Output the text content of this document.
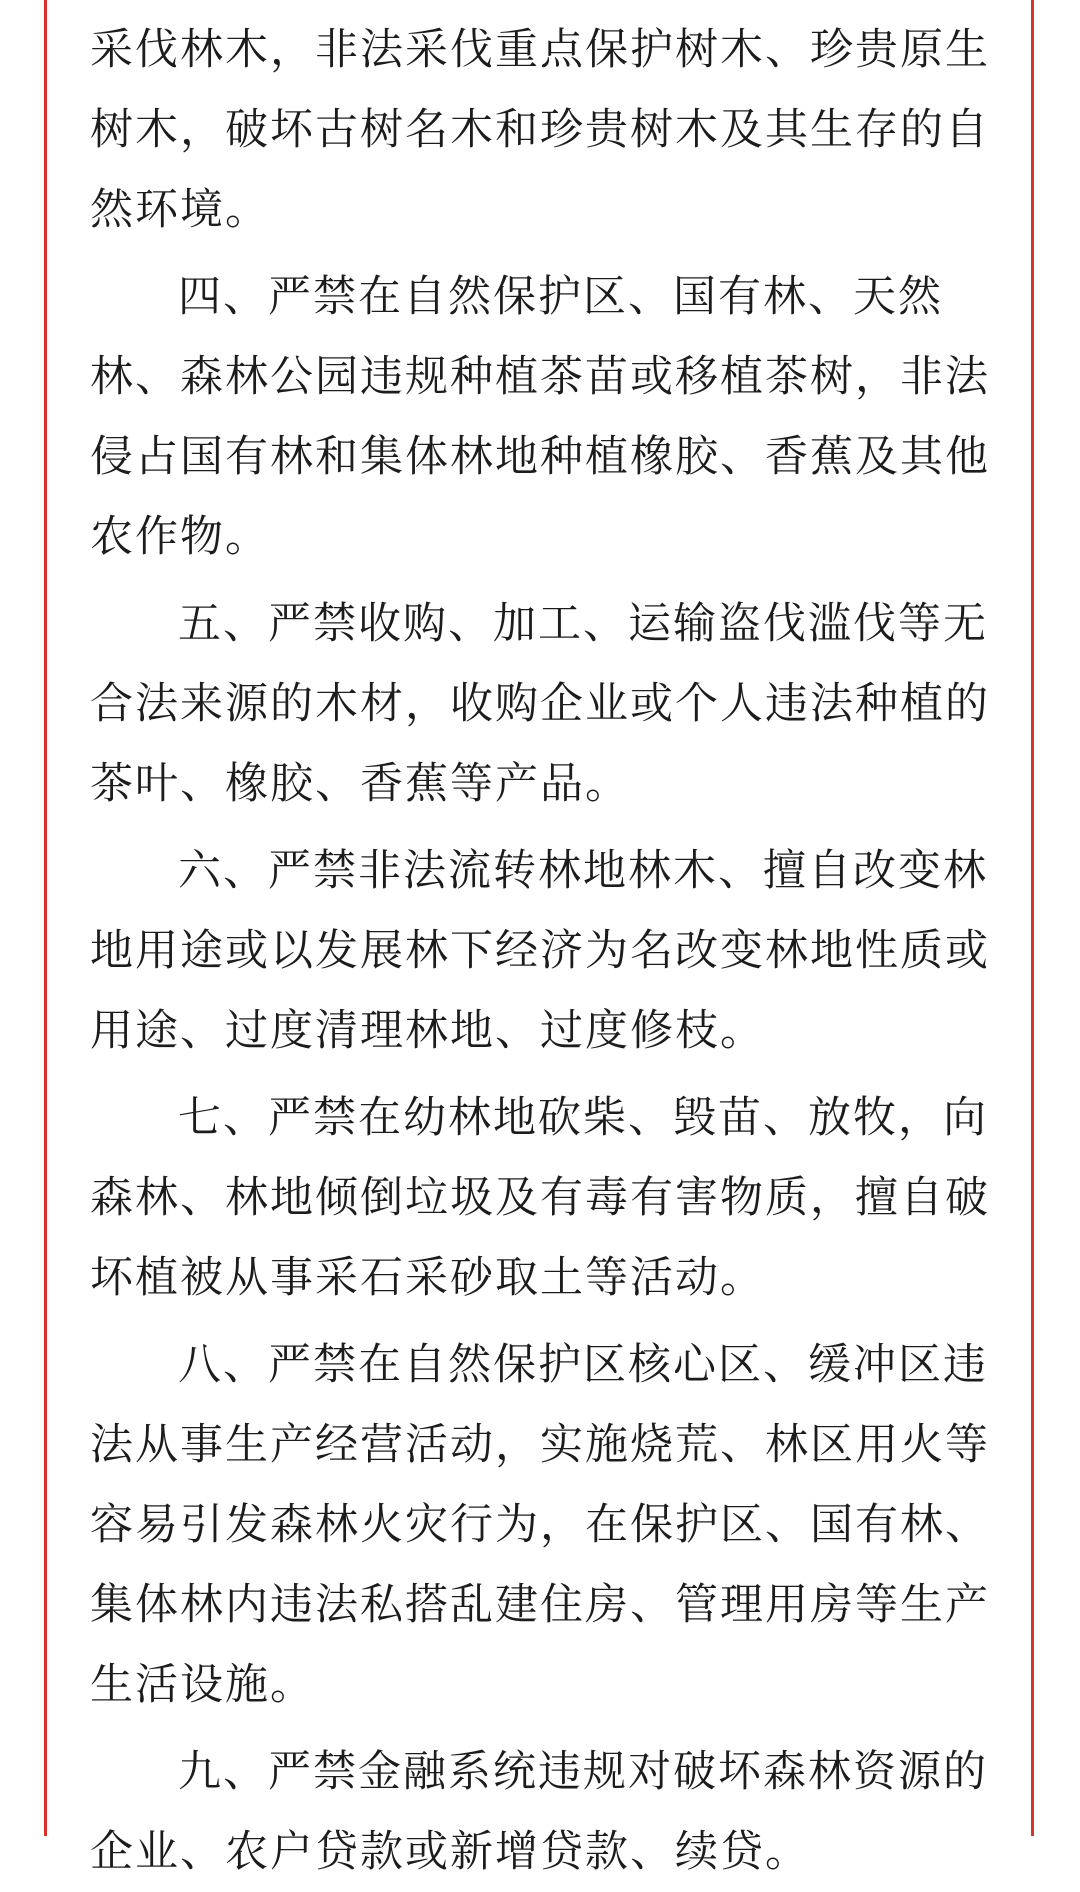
采伐林木，非法采伐重点保护树木、珍贵原生
树木，破坏古树名木和珍贵树木及其生存的自
然环境。
四、严禁在自然保护区、国有林、天然
林、森林公园违规种植茶苗或移植茶树，非法
侵占国有林和集体林地种植橡胶、香蕉及其他
农作物。
五、严禁收购、加工、运输盗伐滥伐等无
合法来源的木材，收购企业或个人违法种植的
茶叶、橡胶、香蕉等产品。
六、严禁非法流转林地林木、擅自改变林
地用途或以发展林下经济为名改变林地性质或
用途、过度清理林地、过度修枝。
七、严禁在幼林地砍柴、毁苗、放牧，向
森林、林地倾倒垃圾及有毒有害物质，擅自破
坏植被从事采石采砂取土等活动。
八、严禁在自然保护区核心区、缓冲区违
法从事生产经营活动，实施烧荒、林区用火等
容易引发森林火灾行为，在保护区、国有林、
集体林内违法私搭乱建住房、管理用房等生产
生活设施。
九、严禁金融系统违规对破坏森林资源的
企业、农户贷款或新增贷款、续贷。
